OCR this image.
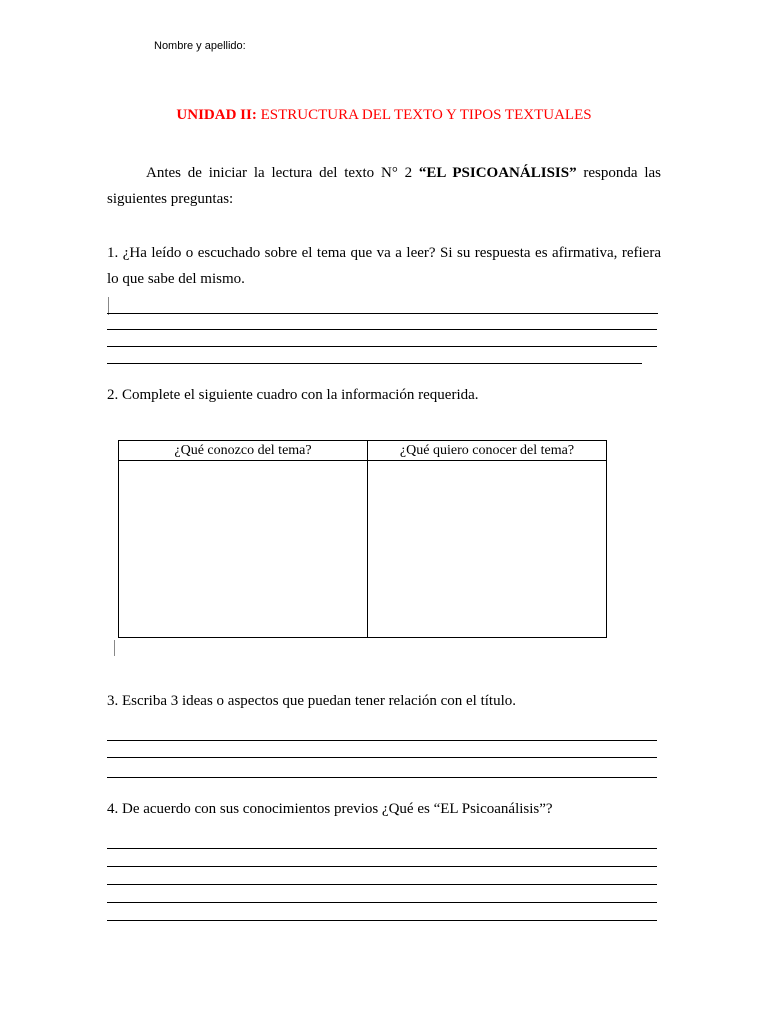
Nombre y apellido:
UNIDAD II: ESTRUCTURA DEL TEXTO Y TIPOS TEXTUALES
Antes de iniciar la lectura del texto N° 2 “EL PSICOANÁLISIS” responda las siguientes preguntas:
1. ¿Ha leído o escuchado sobre el tema que va a leer? Si su respuesta es afirmativa, refiera lo que sabe del mismo.
2. Complete el siguiente cuadro con la información requerida.
¿Qué conozco del tema?	¿Qué quiero conocer del tema?

3. Escriba 3 ideas o aspectos que puedan tener relación con el título.
4. De acuerdo con sus conocimientos previos ¿Qué es “EL Psicoanálisis”?
